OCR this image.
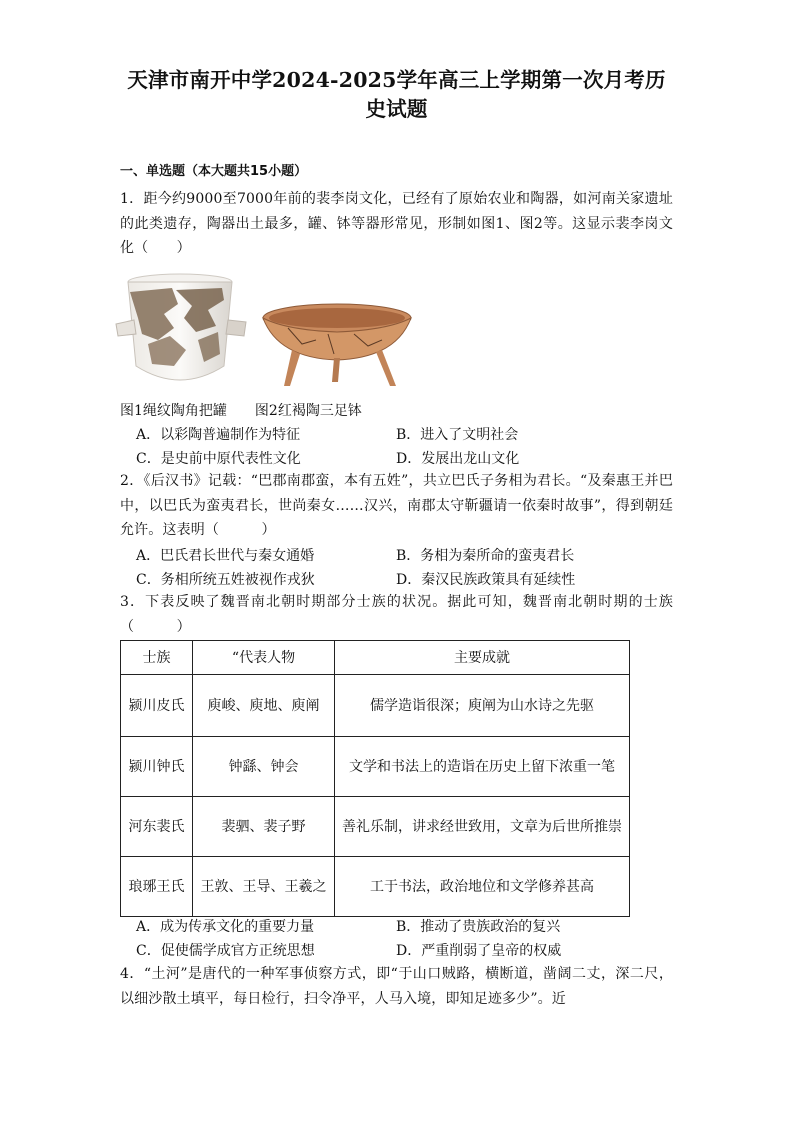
天津市南开中学2024-2025学年高三上学期第一次月考历史试题
一、单选题（本大题共15小题）
1．距今约9000至7000年前的裴李岗文化，已经有了原始农业和陶器，如河南关家遗址的此类遗存，陶器出土最多，罐、钵等器形常见，形制如图1、图2等。这显示裴李岗文化（　　）
图1绳纹陶角把罐 图2红褐陶三足钵
A．以彩陶普遍制作为特征	B．进入了文明社会
C．是史前中原代表性文化	D．发展出龙山文化
2．《后汉书》记载：“巴郡南郡蛮，本有五姓”，共立巴氏子务相为君长。“及秦惠王并巴中，以巴氏为蛮夷君长，世尚秦女……汉兴，南郡太守靳疆请一依秦时故事”，得到朝廷允许。这表明（　　　）
A．巴氏君长世代与秦女通婚	B．务相为秦所命的蛮夷君长
C．务相所统五姓被视作戎狄	D．秦汉民族政策具有延续性
3．下表反映了魏晋南北朝时期部分士族的状况。据此可知，魏晋南北朝时期的士族（　　　）
士族	“代表人物	主要成就
颍川皮氏	庾峻、庾地、庾阐	儒学造诣很深；庾阐为山水诗之先驱
颍川钟氏	钟繇、钟会	文学和书法上的造诣在历史上留下浓重一笔
河东裴氏	裴驷、裴子野	善礼乐制，讲求经世致用，文章为后世所推崇
琅琊王氏	王敦、王导、王羲之	工于书法，政治地位和文学修养甚高
A．成为传承文化的重要力量	B．推动了贵族政治的复兴
C．促使儒学成官方正统思想	D．严重削弱了皇帝的权威
4．“土河”是唐代的一种军事侦察方式，即“于山口贼路，横断道，凿阔二丈，深二尺，以细沙散土填平，每日检行，扫令净平，人马入境，即知足迹多少”。近
